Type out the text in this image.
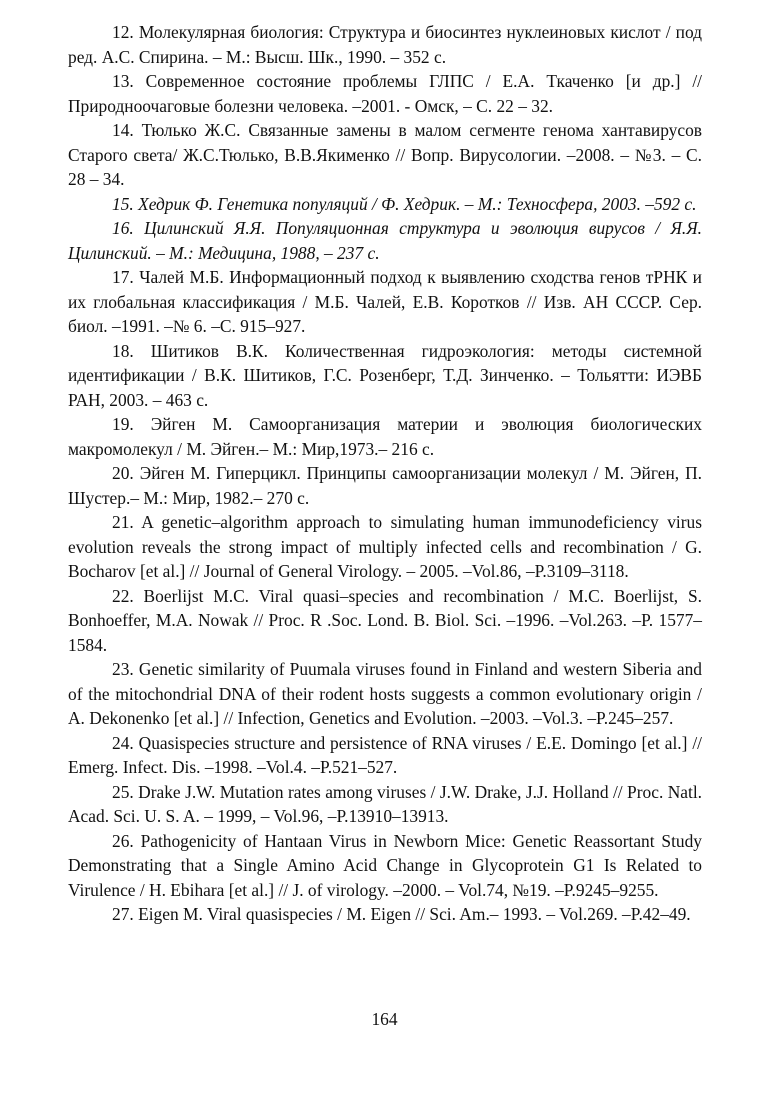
12. Молекулярная биология: Структура и биосинтез нуклеиновых кислот / под ред. А.С. Спирина. – М.: Высш. Шк., 1990. – 352 с.

13. Современное состояние проблемы ГЛПС / Е.А. Ткаченко [и др.] // Природноочаговые болезни человека. –2001. - Омск, – С. 22 – 32.

14. Тюлько Ж.С. Связанные замены в малом сегменте генома хантавирусов Старого света/ Ж.С.Тюлько, В.В.Якименко // Вопр. Вирусологии. –2008. – №3. – С. 28 – 34.

15. Хедрик Ф. Генетика популяций / Ф. Хедрик. – М.: Техносфера, 2003. –592 с.

16. Цилинский Я.Я. Популяционная структура и эволюция вирусов / Я.Я. Цилинский. – М.: Медицина, 1988, – 237 с.

17. Чалей М.Б. Информационный подход к выявлению сходства генов тРНК и их глобальная классификация / М.Б. Чалей, Е.В. Коротков // Изв. АН СССР. Сер. биол. –1991. –№ 6. –С. 915–927.

18. Шитиков В.К. Количественная гидроэкология: методы системной идентификации / В.К. Шитиков, Г.С. Розенберг, Т.Д. Зинченко. – Тольятти: ИЭВБ РАН, 2003. – 463 с.

19. Эйген М. Самоорганизация материи и эволюция биологических макромолекул / М. Эйген.– М.: Мир,1973.– 216 с.

20. Эйген М. Гиперцикл. Принципы самоорганизации молекул / М. Эйген, П. Шустер.– М.: Мир, 1982.– 270 с.

21. A genetic–algorithm approach to simulating human immunodeficiency virus evolution reveals the strong impact of multiply infected cells and recombination / G. Bocharov [et al.] // Journal of General Virology. – 2005. –Vol.86, –P.3109–3118.

22. Boerlijst M.C. Viral quasi–species and recombination / M.C. Boerlijst, S. Bonhoeffer, M.A. Nowak // Proc. R .Soc. Lond. B. Biol. Sci. –1996. –Vol.263. –P. 1577–1584.

23. Genetic similarity of Puumala viruses found in Finland and western Siberia and of the mitochondrial DNA of their rodent hosts suggests a common evolutionary origin / A. Dekonenko [et al.] // Infection, Genetics and Evolution. –2003. –Vol.3. –P.245–257.

24. Quasispecies structure and persistence of RNA viruses / E.E. Domingo [et al.] // Emerg. Infect. Dis. –1998. –Vol.4. –P.521–527.

25. Drake J.W. Mutation rates among viruses / J.W. Drake, J.J. Holland // Proc. Natl. Acad. Sci. U. S. A. – 1999, – Vol.96, –P.13910–13913.

26. Pathogenicity of Hantaan Virus in Newborn Mice: Genetic Reassortant Study Demonstrating that a Single Amino Acid Change in Glycoprotein G1 Is Related to Virulence / H. Ebihara [et al.] // J. of virology. –2000. – Vol.74, №19. –P.9245–9255.

27. Eigen M. Viral quasispecies / M. Eigen // Sci. Am.– 1993. – Vol.269. –P.42–49.

164
